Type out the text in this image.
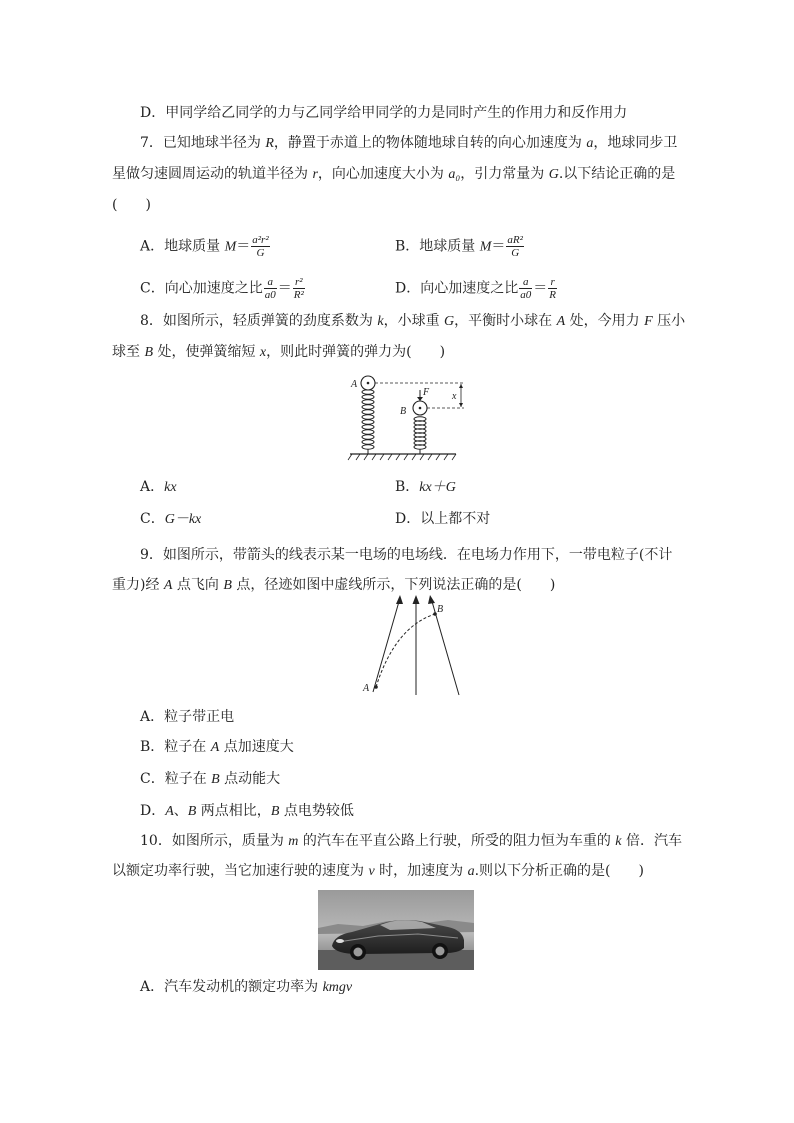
D．甲同学给乙同学的力与乙同学给甲同学的力是同时产生的作用力和反作用力
7．已知地球半径为 R，静置于赤道上的物体随地球自转的向心加速度为 a，地球同步卫
星做匀速圆周运动的轨道半径为 r，向心加速度大小为 a₀，引力常量为 G.以下结论正确的是
(　　)
A．地球质量 $M= \frac{\text{a²r²}}{G}$	B．地球质量 $M= \frac{\text{aR²}}{G}$
C．向心加速度之比 $\frac{a}{a0} = \frac{\text{r²}}{\text{R²}}$	D．向心加速度之比 $\frac{a}{a0} = \frac{r}{R}$
8．如图所示，轻质弹簧的劲度系数为 k，小球重 G，平衡时小球在 A 处，今用力 F 压小
球至 B 处，使弹簧缩短 x，则此时弹簧的弹力为(　　)
A
B
F x
A．kx	B．kx＋G
C．G－kx	D．以上都不对
9．如图所示，带箭头的线表示某一电场的电场线．在电场力作用下，一带电粒子(不计
重力)经 A 点飞向 B 点，径迹如图中虚线所示，下列说法正确的是(　　)
A
B
A．粒子带正电
B．粒子在 A 点加速度大
C．粒子在 B 点动能大
D．A、B 两点相比，B 点电势较低
10．如图所示，质量为 m 的汽车在平直公路上行驶，所受的阻力恒为车重的 k 倍．汽车
以额定功率行驶，当它加速行驶的速度为 v 时，加速度为 a.则以下分析正确的是(　　)
A．汽车发动机的额定功率为 kmgv
